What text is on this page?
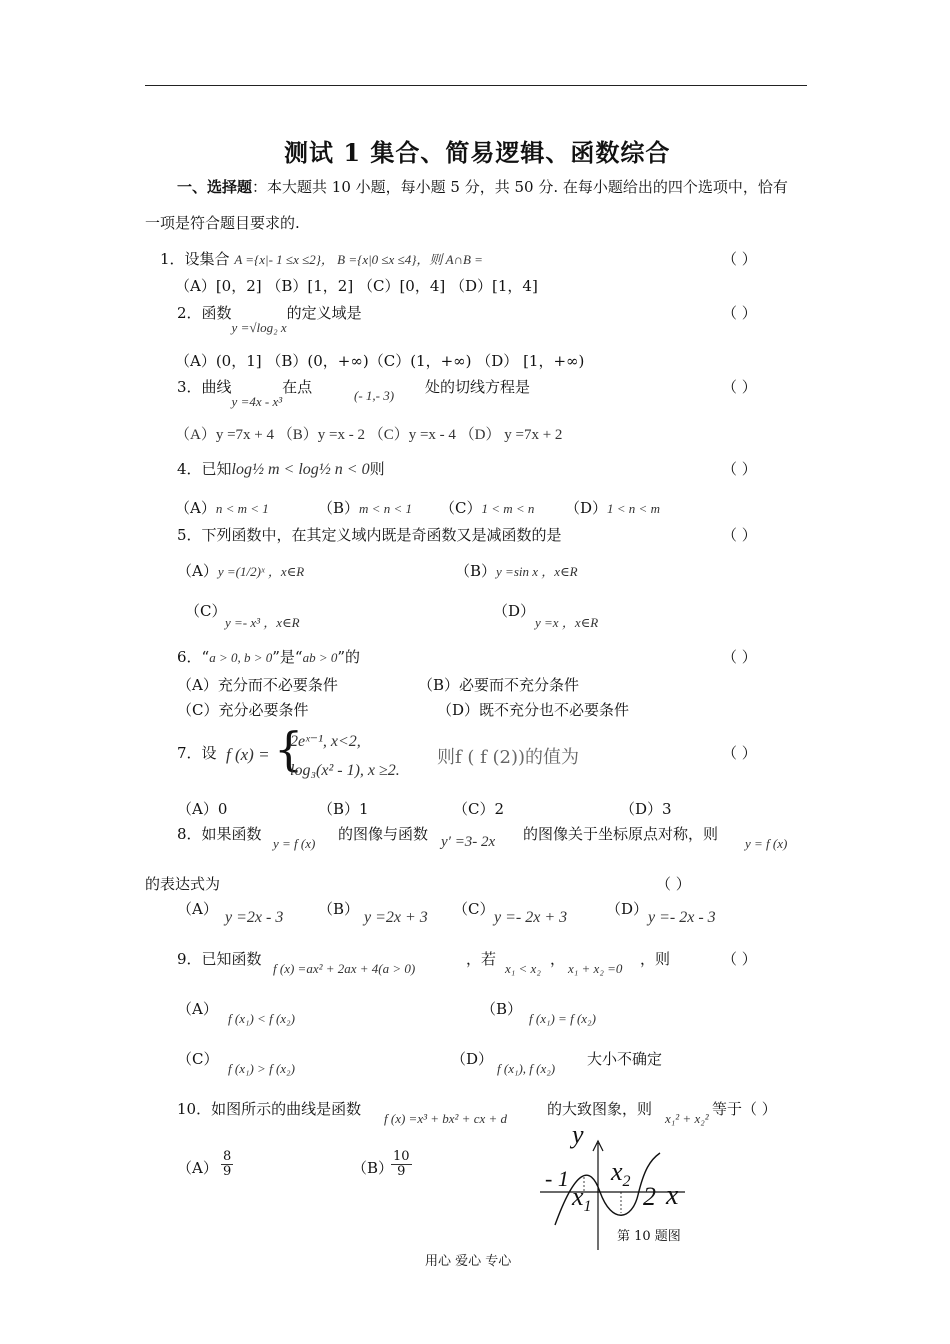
测试 1 集合、简易逻辑、函数综合
一、选择题：本大题共 10 小题，每小题 5 分，共 50 分. 在每小题给出的四个选项中，恰有
一项是符合题目要求的.
1．设集合 A ={x|- 1 ≤x ≤2}， B ={x|0 ≤x ≤4}，则 A∩B =	（ ）
（A）[0，2] （B）[1，2] （C）[0，4] （D）[1，4]
2．函数y =√log₂ x的定义域是	（ ）
（A）(0，1] （B）(0，+∞)（C）(1，+∞) （D） [1，+∞)
3．曲线y =4x - x³在点	(- 1,- 3) 处的切线方程是	（ ）
（A）y =7x + 4 （B）y =x - 2 （C）y =x - 4 （D） y =7x + 2
4．已知log½ m < log½ n < 0则	（ ）
（A）n < m < 1	（B）m < n < 1 （C）1 < m < n （D）1 < n < m
5．下列函数中，在其定义域内既是奇函数又是减函数的是	（ ）
（A）y =(1/2)ˣ ，x∈R	（B）y =sin x ，x∈R
（C）
y =- x³ ，x∈R
（D）
y =x ，x∈R
6．“a > 0, b > 0”是“ab > 0”的	（ ）
（A）充分而不必要条件	（B）必要而不充分条件
（C）充分必要条件	（D）既不充分也不必要条件
7．设 f (x) = {
2eˣ⁻¹, x<2,
log₃(x² - 1), x ≥2.
则f ( f (2))的值为	（ ）
（A）0	（B）1	（C）2	（D）3
8．如果函数
y = f (x)
的图像与函数 y′ =3- 2x 的图像关于坐标原点对称，则
y = f (x)
的表达式为	（ ）
（A） y =2x - 3 （B） y =2x + 3 （C） y =- 2x + 3	（D） y =- 2x - 3
9．已知函数
f (x) =ax² + 2ax + 4(a > 0)
，若
x₁ < x₂
，
x₁ + x₂ =0
，则	（ ）
（A）
f (x₁) < f (x₂)
（B）
f (x₁) = f (x₂)
（C）
f (x₁) > f (x₂)
（D）
f (x₁), f (x₂)
大小不确定
10．如图所示的曲线是函数
f (x) =x³ + bx² + cx + d
的大致图象，则
x₁² + x₂²
等于（ ）
$(A) \frac{8}{9}$	（B）
$\frac{10}{9}$
y
- 1
$x_1$
$x_2$
2 x
第 10 题图
用心 爱心 专心
